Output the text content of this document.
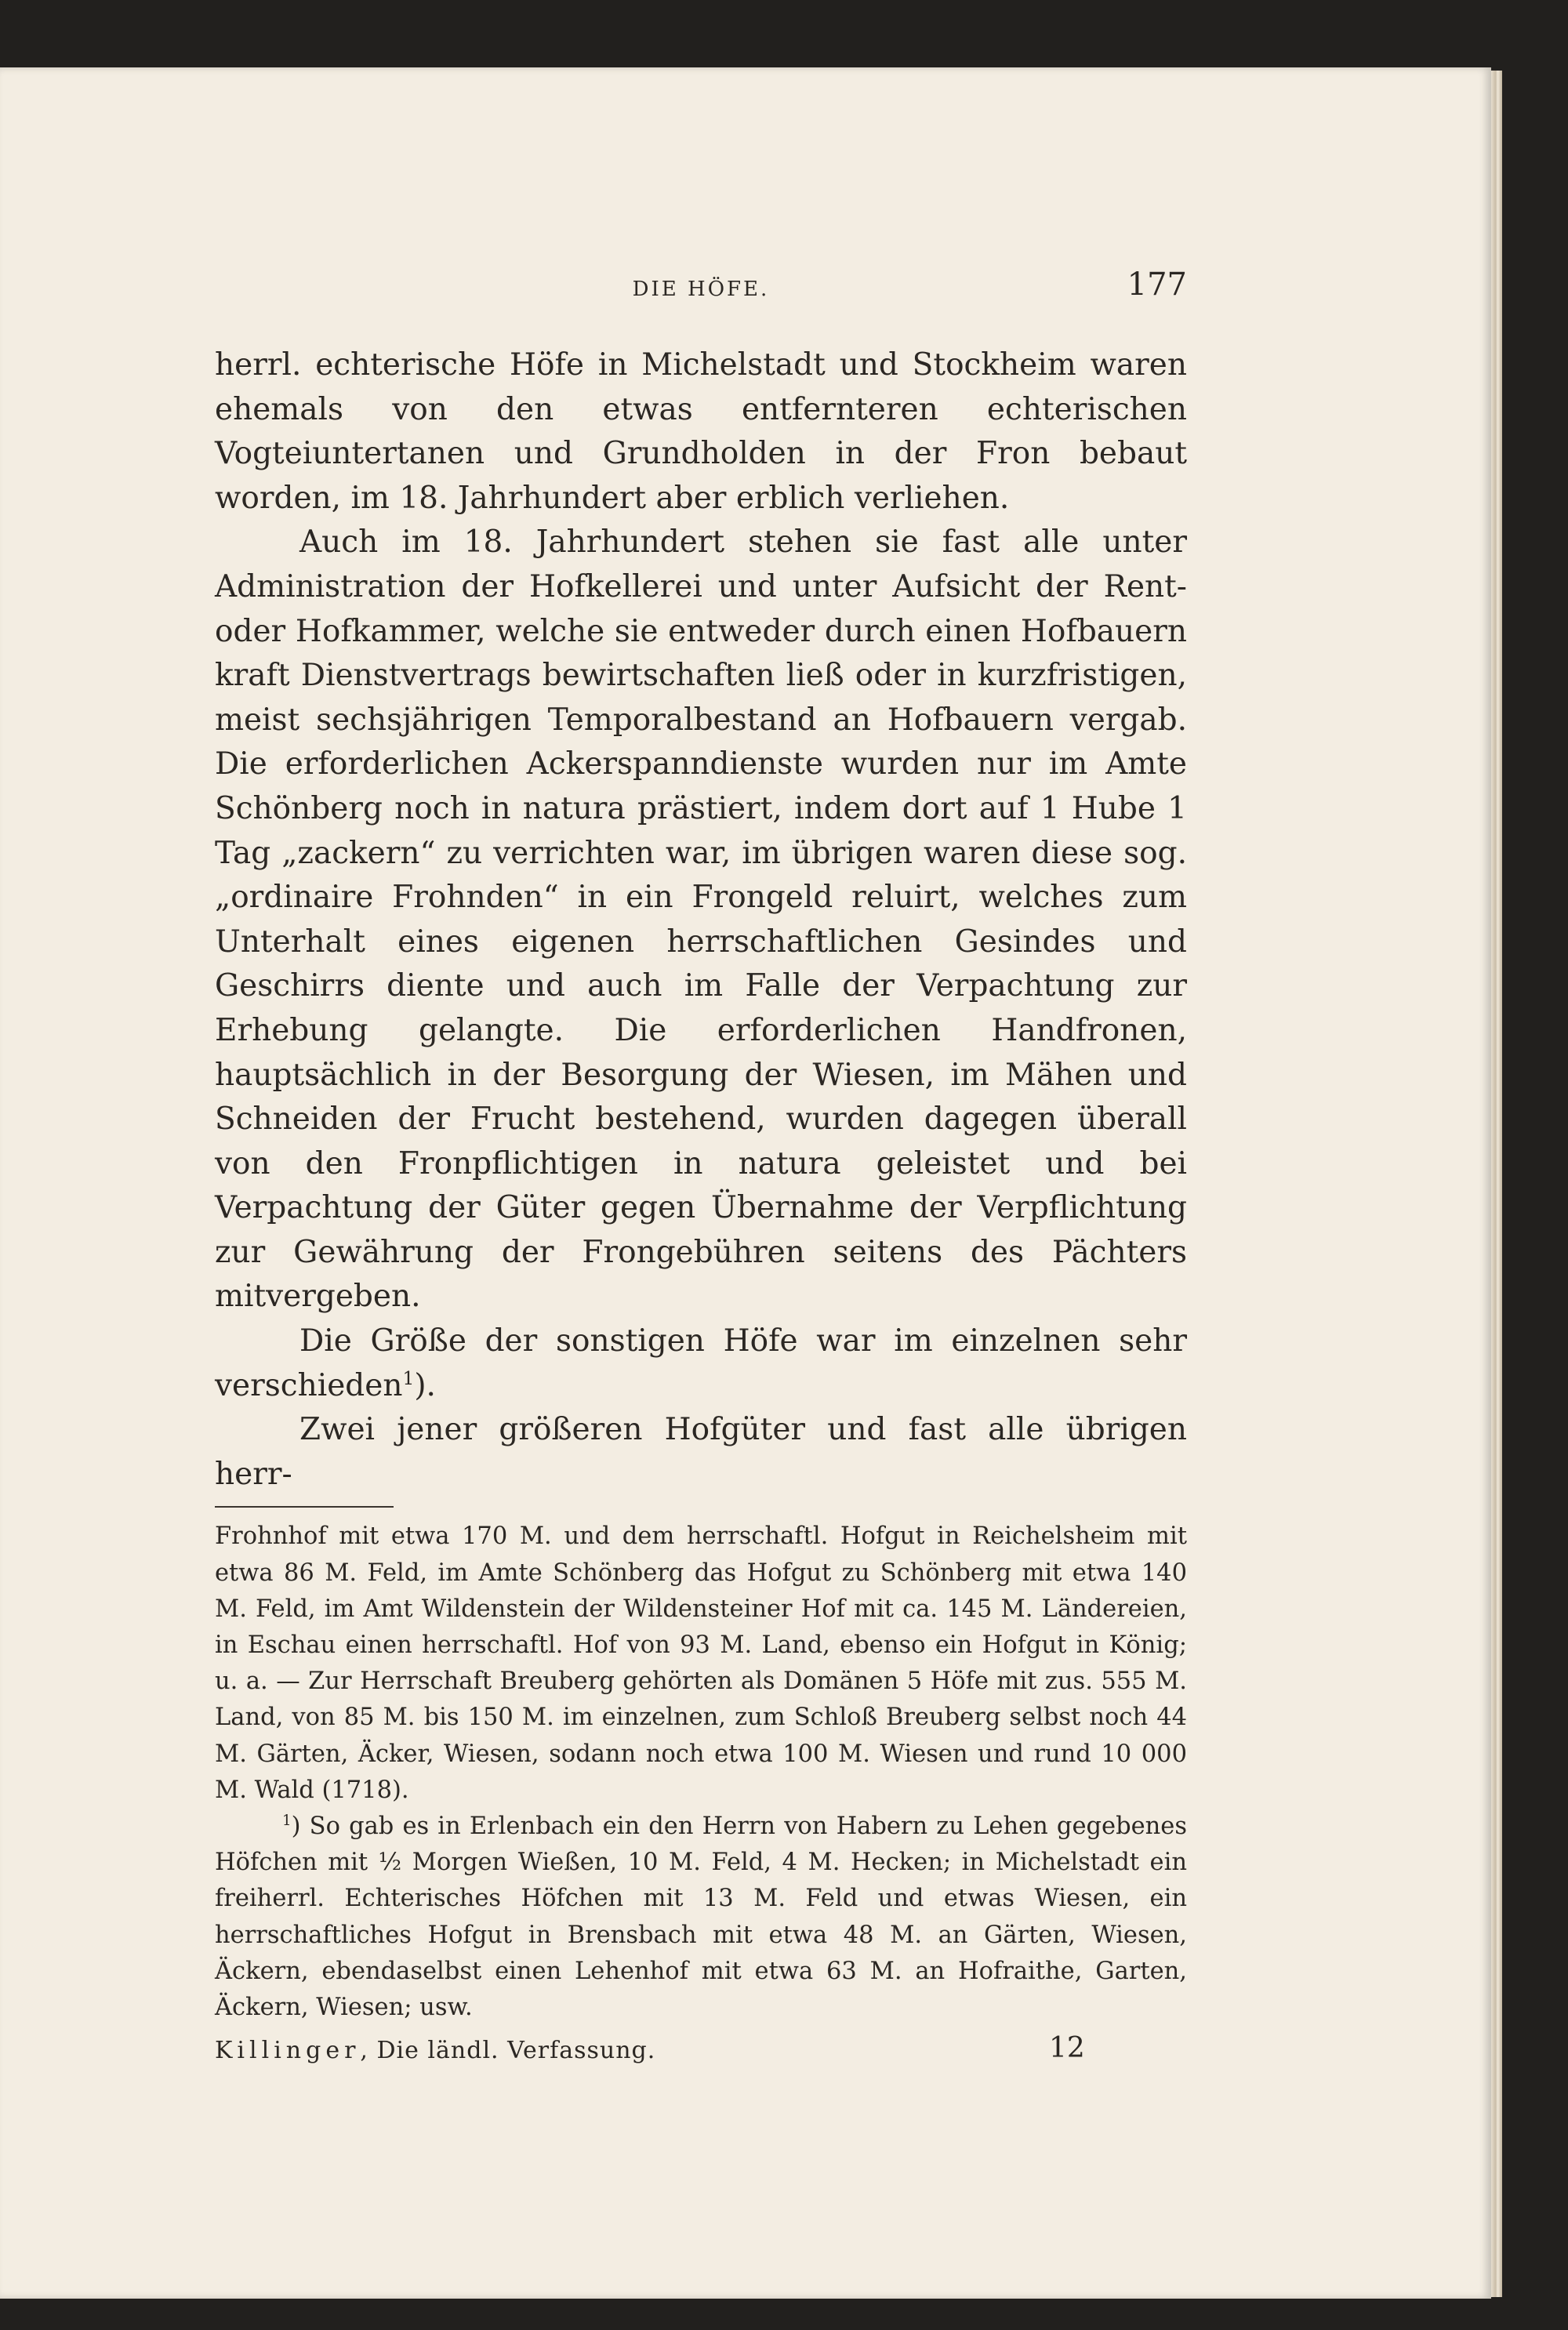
DIE HÖFE.	177

herrl. echterische Höfe in Michelstadt und Stockheim waren ehemals von den etwas entfernteren echterischen Vogteiuntertanen und Grundholden in der Fron bebaut worden, im 18. Jahrhundert aber erblich verliehen.

Auch im 18. Jahrhundert stehen sie fast alle unter Administration der Hofkellerei und unter Aufsicht der Rent- oder Hofkammer, welche sie entweder durch einen Hofbauern kraft Dienstvertrags bewirtschaften ließ oder in kurzfristigen, meist sechsjährigen Temporalbestand an Hofbauern vergab. Die erforderlichen Ackerspanndienste wurden nur im Amte Schönberg noch in natura prästiert, indem dort auf 1 Hube 1 Tag „zackern“ zu verrichten war, im übrigen waren diese sog. „ordinaire Frohnden“ in ein Frongeld reluirt, welches zum Unterhalt eines eigenen herrschaftlichen Gesindes und Geschirrs diente und auch im Falle der Verpachtung zur Erhebung gelangte. Die erforderlichen Handfronen, hauptsächlich in der Besorgung der Wiesen, im Mähen und Schneiden der Frucht bestehend, wurden dagegen überall von den Fronpflichtigen in natura geleistet und bei Verpachtung der Güter gegen Übernahme der Verpflichtung zur Gewährung der Frongebühren seitens des Pächters mitvergeben.

Die Größe der sonstigen Höfe war im einzelnen sehr verschieden$^1$).

Zwei jener größeren Hofgüter und fast alle übrigen herr-

Frohnhof mit etwa 170 M. und dem herrschaftl. Hofgut in Reichelsheim mit etwa 86 M. Feld, im Amte Schönberg das Hofgut zu Schönberg mit etwa 140 M. Feld, im Amt Wildenstein der Wildensteiner Hof mit ca. 145 M. Ländereien, in Eschau einen herrschaftl. Hof von 93 M. Land, ebenso ein Hofgut in König; u. a. — Zur Herrschaft Breuberg gehörten als Domänen 5 Höfe mit zus. 555 M. Land, von 85 M. bis 150 M. im einzelnen, zum Schloß Breuberg selbst noch 44 M. Gärten, Äcker, Wiesen, sodann noch etwa 100 M. Wiesen und rund 10 000 M. Wald (1718).

$^1$) So gab es in Erlenbach ein den Herrn von Habern zu Lehen gegebenes Höfchen mit ½ Morgen Wießen, 10 M. Feld, 4 M. Hecken; in Michelstadt ein freiherrl. Echterisches Höfchen mit 13 M. Feld und etwas Wiesen, ein herrschaftliches Hofgut in Brensbach mit etwa 48 M. an Gärten, Wiesen, Äckern, ebendaselbst einen Lehenhof mit etwa 63 M. an Hofraithe, Garten, Äckern, Wiesen; usw.

Killinger, Die ländl. Verfassung.	12
